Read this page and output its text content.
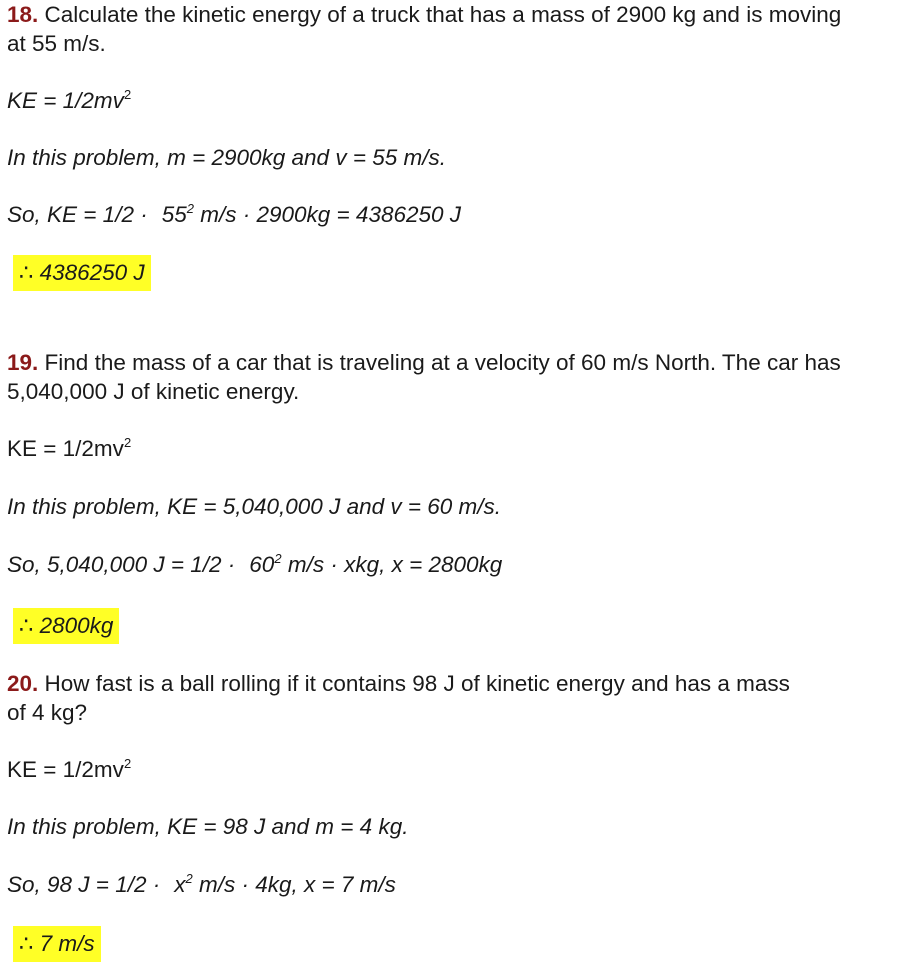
18. Calculate the kinetic energy of a truck that has a mass of 2900 kg and is moving
at 55 m/s.
KE = $1/2mv^2$
In this problem, m = 2900kg and v = 55 m/s.
So, KE = $1/2 \cdot 55^2$ m/s · 2900kg = 4386250 J
∴ 4386250 J
19. Find the mass of a car that is traveling at a velocity of 60 m/s North. The car has
5,040,000 J of kinetic energy.
KE = $1/2mv^2$
In this problem, KE = 5,040,000 J and v = 60 m/s.
So, 5,040,000 $J = 1/2 \cdot 60^2$ m/s · xkg, x = 2800kg
∴ 2800kg
20. How fast is a ball rolling if it contains 98 J of kinetic energy and has a mass
of 4 kg?
KE = $1/2mv^2$
In this problem, KE = 98 J and m = 4 kg.
So, 98 $J = 1/2 \cdot x^2$ m/s · 4kg, x = 7 m/s
∴ 7 m/s
